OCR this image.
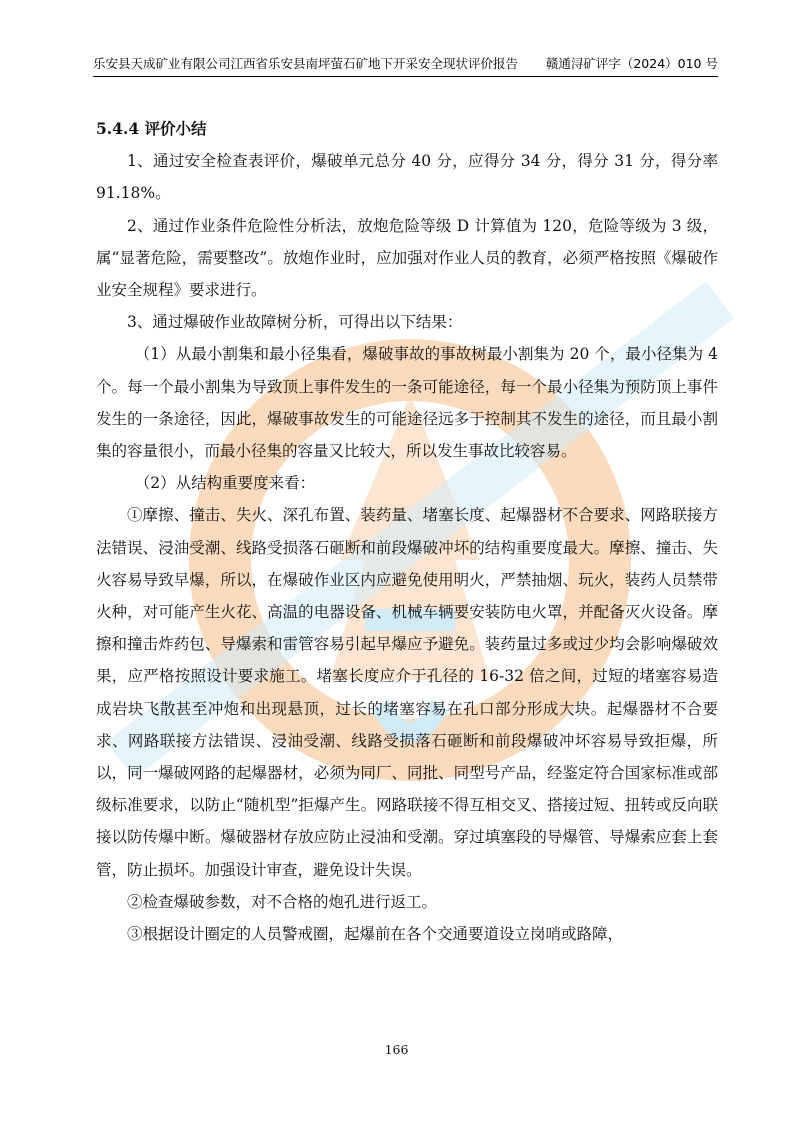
乐安县天成矿业有限公司江西省乐安县南坪萤石矿地下开采安全现状评价报告 赣通浔矿评字（2024）010 号

5.4.4 评价小结

1、通过安全检查表评价，爆破单元总分 40 分，应得分 34 分，得分 31 分，得分率 91.18%。

2、通过作业条件危险性分析法，放炮危险等级 D 计算值为 120，危险等级为 3 级，属“显著危险，需要整改”。放炮作业时，应加强对作业人员的教育，必须严格按照《爆破作业安全规程》要求进行。

3、通过爆破作业故障树分析，可得出以下结果：

（1）从最小割集和最小径集看，爆破事故的事故树最小割集为 20 个，最小径集为 4 个。每一个最小割集为导致顶上事件发生的一条可能途径，每一个最小径集为预防顶上事件发生的一条途径，因此，爆破事故发生的可能途径远多于控制其不发生的途径，而且最小割集的容量很小，而最小径集的容量又比较大，所以发生事故比较容易。

（2）从结构重要度来看：

①摩擦、撞击、失火、深孔布置、装药量、堵塞长度、起爆器材不合要求、网路联接方法错误、浸油受潮、线路受损落石砸断和前段爆破冲坏的结构重要度最大。摩擦、撞击、失火容易导致早爆，所以，在爆破作业区内应避免使用明火，严禁抽烟、玩火，装药人员禁带火种，对可能产生火花、高温的电器设备、机械车辆要安装防电火罩，并配备灭火设备。摩擦和撞击炸药包、导爆索和雷管容易引起早爆应予避免。装药量过多或过少均会影响爆破效果，应严格按照设计要求施工。堵塞长度应介于孔径的 16-32 倍之间，过短的堵塞容易造成岩块飞散甚至冲炮和出现悬顶，过长的堵塞容易在孔口部分形成大块。起爆器材不合要求、网路联接方法错误、浸油受潮、线路受损落石砸断和前段爆破冲坏容易导致拒爆，所以，同一爆破网路的起爆器材，必须为同厂、同批、同型号产品，经鉴定符合国家标准或部级标准要求，以防止“随机型”拒爆产生。网路联接不得互相交叉、搭接过短、扭转或反向联接以防传爆中断。爆破器材存放应防止浸油和受潮。穿过填塞段的导爆管、导爆索应套上套管，防止损坏。加强设计审查，避免设计失误。

②检查爆破参数，对不合格的炮孔进行返工。

③根据设计圈定的人员警戒圈，起爆前在各个交通要道设立岗哨或路障，

166
